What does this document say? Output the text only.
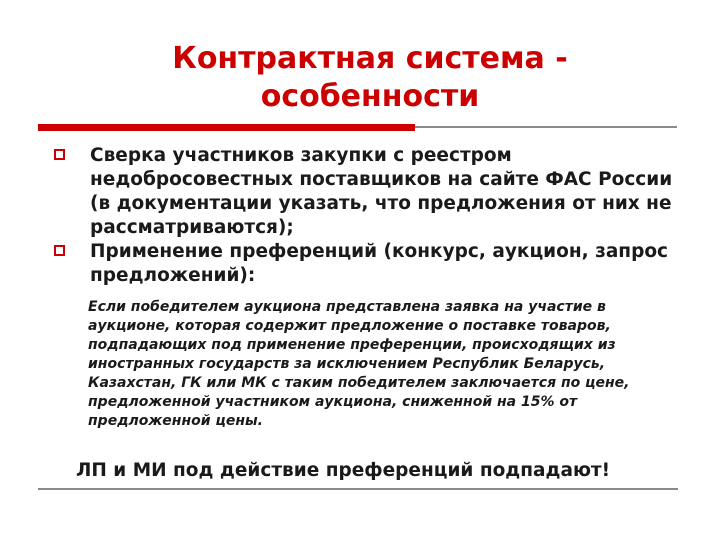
Контрактная система -
особенности
Сверка участников закупки с реестром недобросовестных поставщиков на сайте ФАС России (в документации указать, что предложения от них не рассматриваются);
Применение преференций (конкурс, аукцион, запрос предложений):
Если победителем аукциона представлена заявка на участие в аукционе, которая содержит предложение о поставке товаров, подпадающих под применение преференции, происходящих из иностранных государств за исключением Республик Беларусь, Казахстан, ГК или МК с таким победителем заключается по цене, предложенной участником аукциона, сниженной на 15% от предложенной цены.
ЛП и МИ под действие преференций подпадают!
